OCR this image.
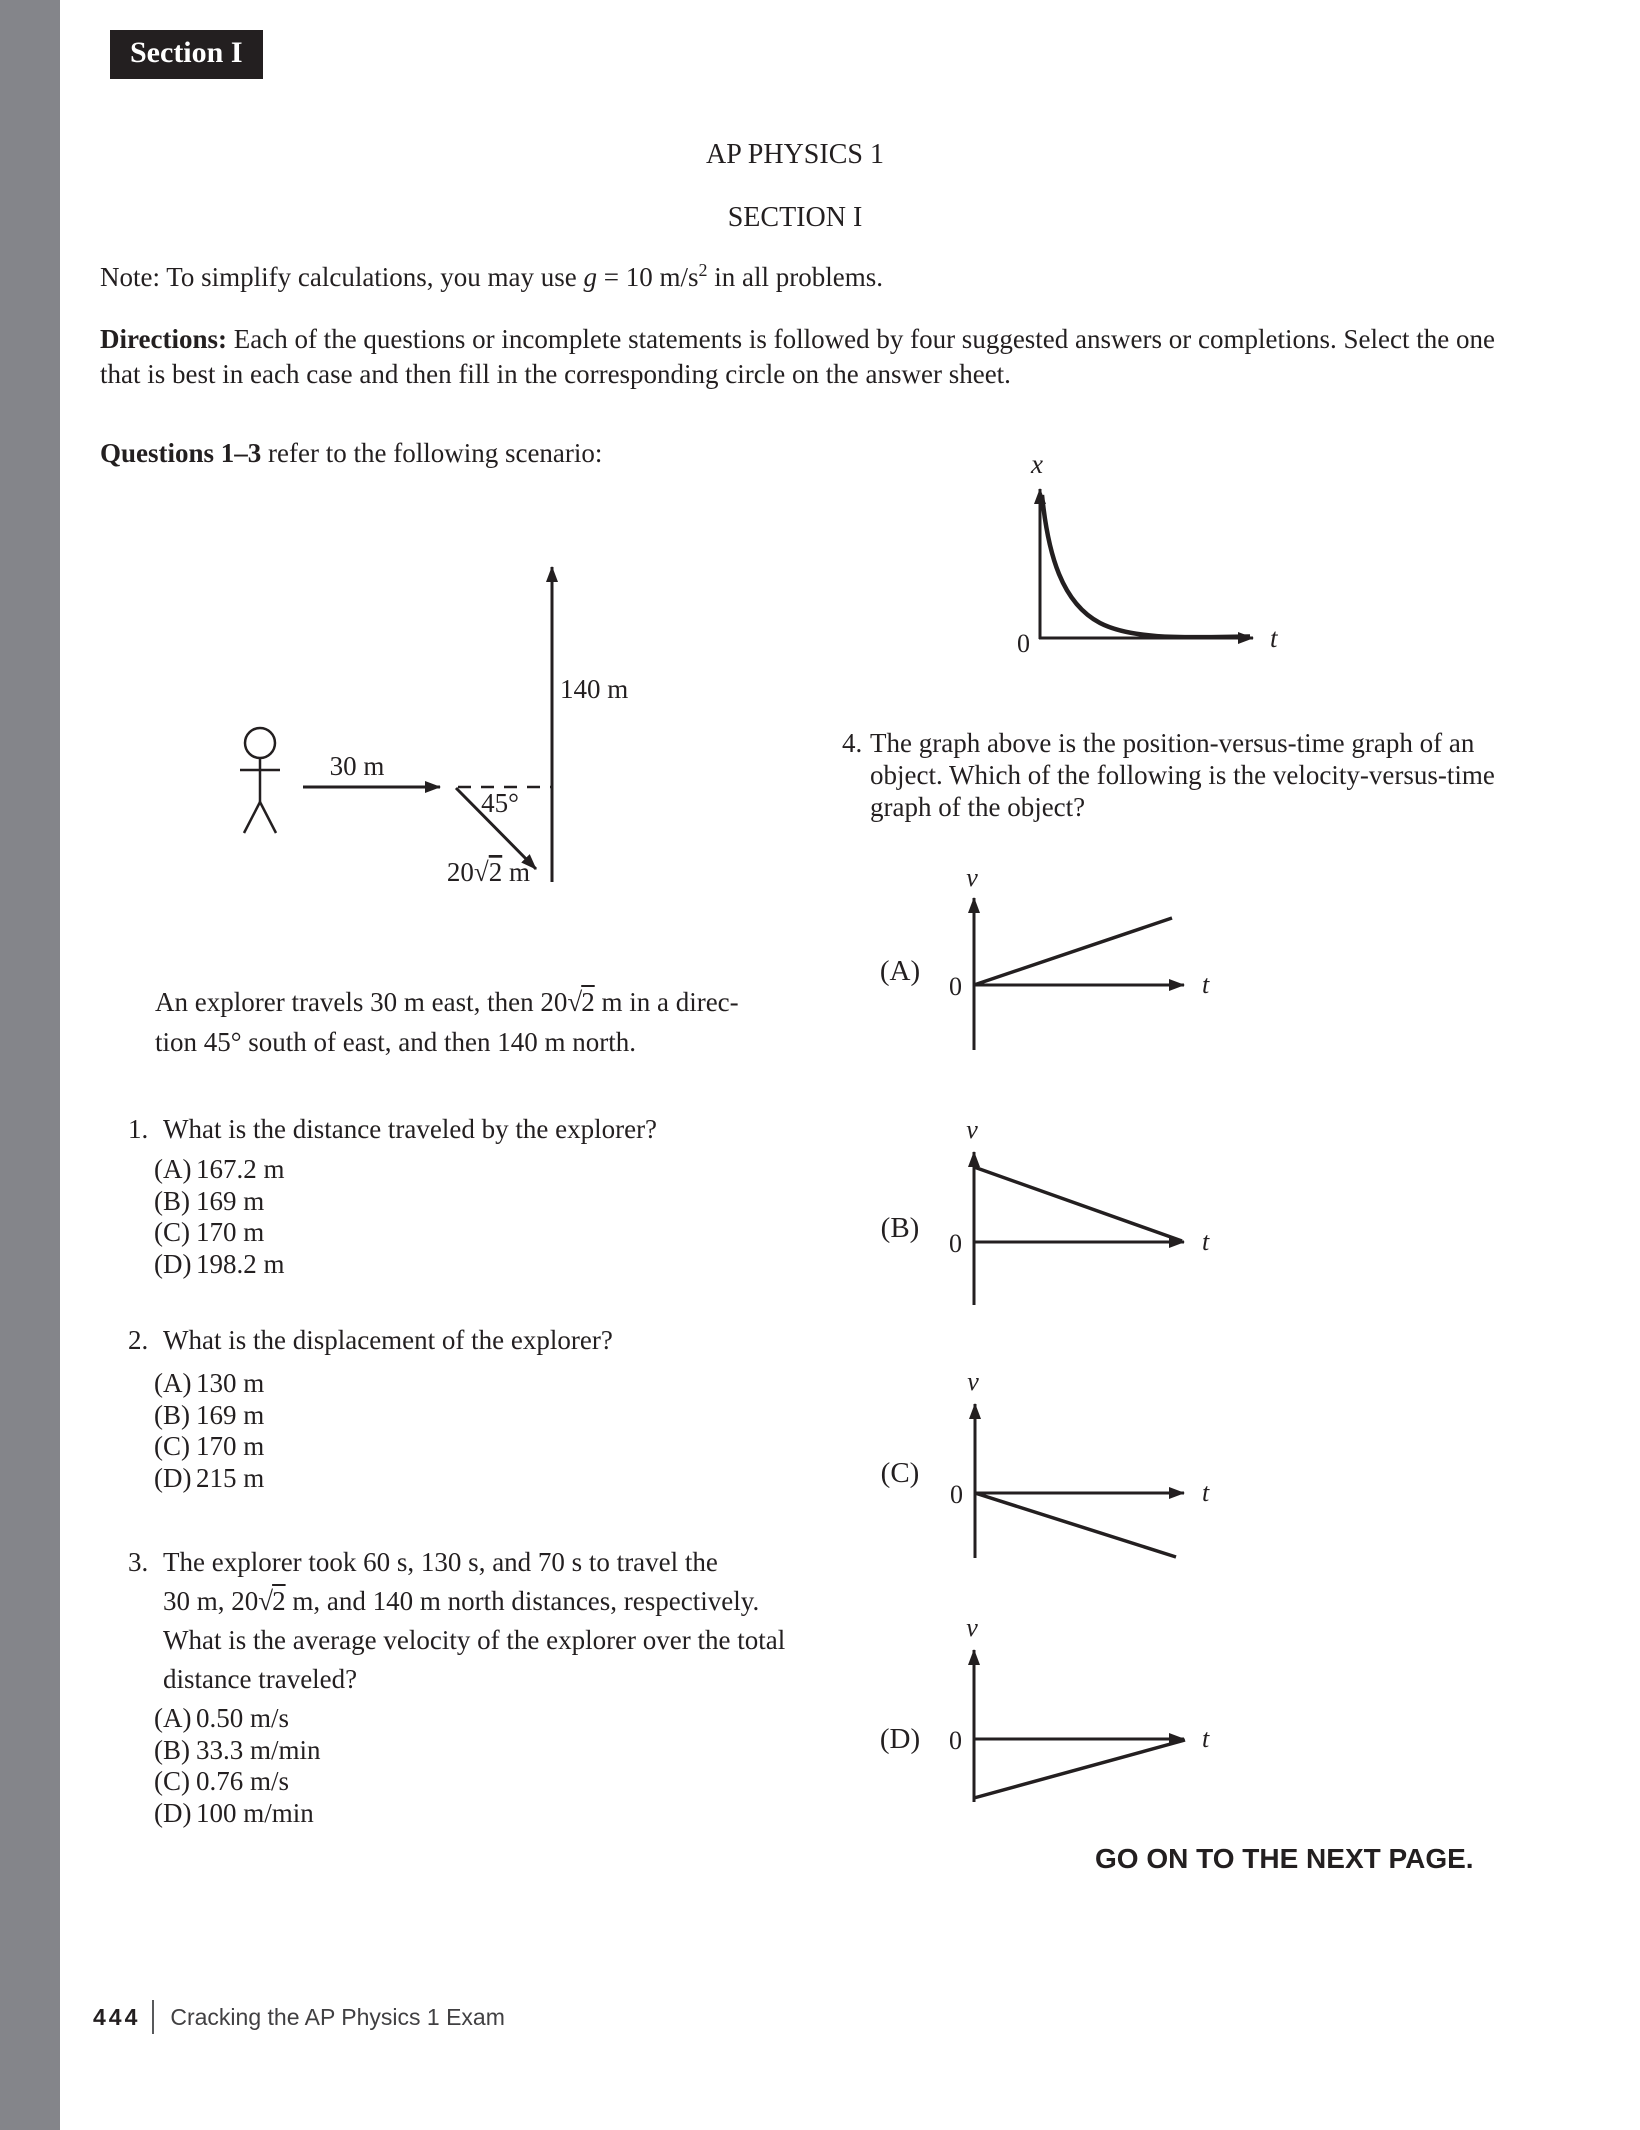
Section I
AP PHYSICS 1
SECTION I
Note: To simplify calculations, you may use g = 10 $m/s^2$ in all problems.
Directions: Each of the questions or incomplete statements is followed by four suggested answers or completions. Select the one that is best in each case and then fill in the corresponding circle on the answer sheet.
Questions 1–3 refer to the following scenario:
30 m
45°
20√2 m
140 m
An explorer travels 30 m east, then 20√2 m in a direc-
tion 45° south of east, and then 140 m north.
1. What is the distance traveled by the explorer?
(A) 167.2 m
(B) 169 m
(C) 170 m
(D) 198.2 m
2. What is the displacement of the explorer?
(A) 130 m
(B) 169 m
(C) 170 m
(D) 215 m
3. The explorer took 60 s, 130 s, and 70 s to travel the
30 m, 20√2 m, and 140 m north distances, respectively.
What is the average velocity of the explorer over the total
distance traveled?
(A) 0.50 m/s
(B) 33.3 m/min
(C) 0.76 m/s
(D) 100 m/min
x
t
0
4. The graph above is the position-versus-time graph of an
object. Which of the following is the velocity-versus-time
graph of the object?
(A)
v
t
0
(B)
v
t
0
(C)
v
t
0
(D)
v
t
0
GO ON TO THE NEXT PAGE.
444 Cracking the AP Physics 1 Exam
